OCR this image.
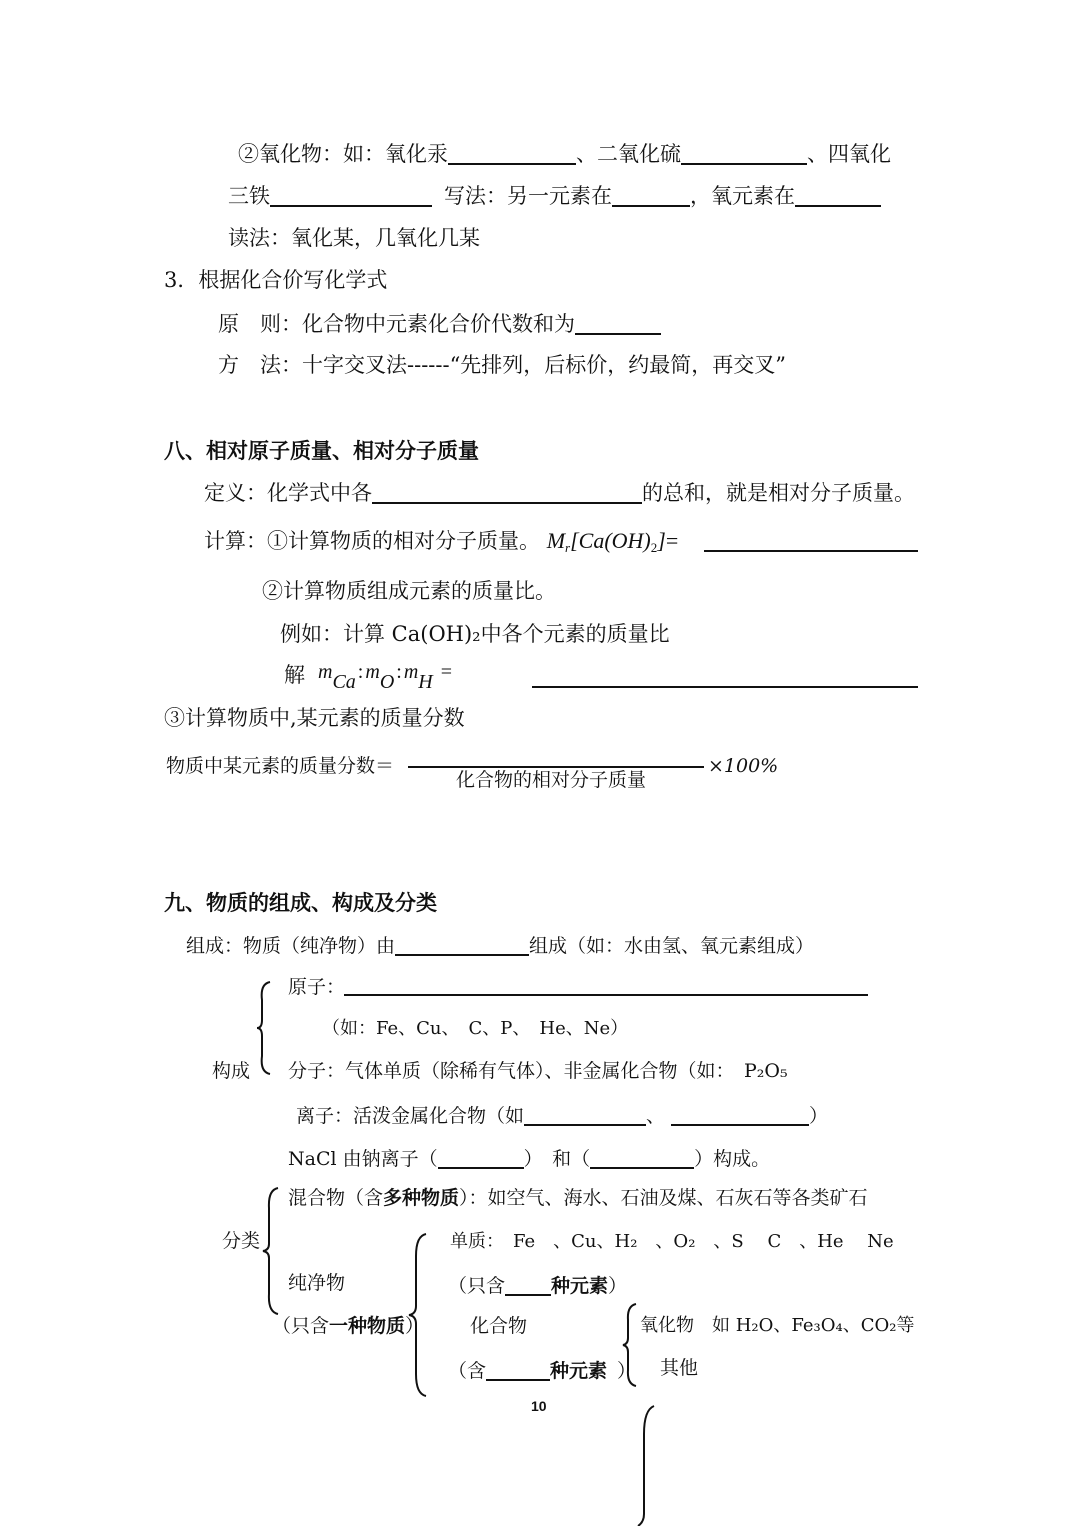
②氧化物：如：氧化汞	、二氧化硫	、四氧化
三铁	写法：另一元素在	，氧元素在
读法：氧化某，几氧化几某
3．根据化合价写化学式
原　则：化合物中元素化合价代数和为
方　法：十字交叉法------“先排列，后标价，约最简，再交叉”
八、相对原子质量、相对分子质量
定义：化学式中各	的总和，就是相对分子质量。
计算：①计算物质的相对分子质量。 $M_r[Ca(OH)_2]=$
②计算物质组成元素的质量比。
例如：计算 Ca(OH)₂中各个元素的质量比
解 mCa : mO : mH =
③计算物质中,某元素的质量分数
物质中某元素的质量分数＝
化合物的相对分子质量
×100%
九、物质的组成、构成及分类
组成：物质（纯净物）由	组成（如：水由氢、氧元素组成）
原子：
（如：Fe、Cu、　C、P、　He、Ne）
构成 分子：气体单质（除稀有气体）、非金属化合物（如：　P₂O₅
离子：活泼金属化合物（如	、	）
NaCl 由钠离子（	）　和（	）构成。
分类
混合物（含多种物质）：如空气、海水、石油及煤、石灰石等各类矿石
纯净物
（只含一种物质）
单质：　Fe　、Cu、H₂　、O₂　、S　 C　、He　 Ne
（只含 种元素）
化合物
（含	种元素 ）
氧化物　如 H₂O、Fe₃O₄、CO₂等
其他
10
